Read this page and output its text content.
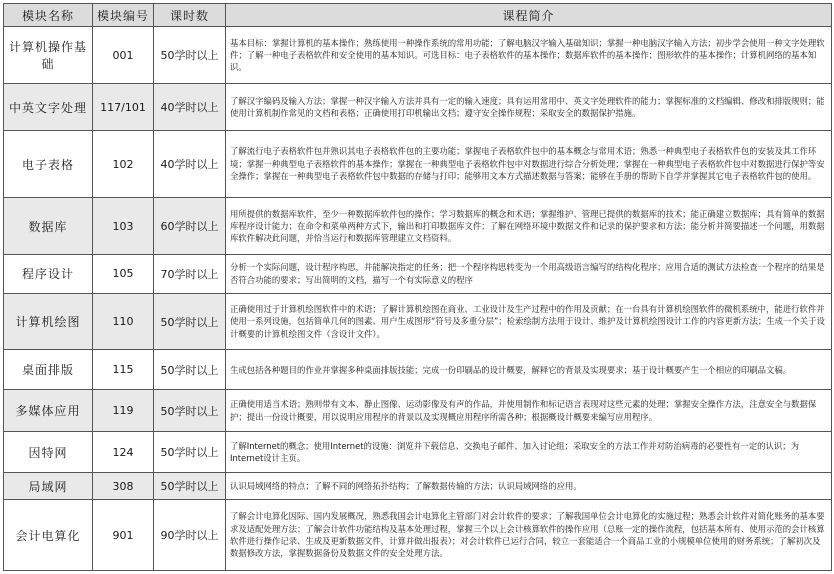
模块名称	模块编号	课时数	课程简介
计算机操作基础	001	50学时以上	基本目标：掌握计算机的基本操作；熟练使用一种操作系统的常用功能；了解电脑汉字输入基础知识；掌握一种电脑汉字输入方法；初步学会使用一种文字处理软件；了解一种电子表格软件和安全使用的基本知识。可选目标：电子表格软件的基本操作；数据库软件的基本操作；图形软件的基本操作；计算机网络的基本知识。
中英文字处理	117/101	40学时以上	了解汉字编码及输入方法；掌握一种汉字输入方法并具有一定的输入速度；具有运用常用中、英文字处理软件的能力；掌握标准的文档编辑、修改和排版规则；能使用计算机制作常见的文档和表格；正确使用打印机输出文档；遵守安全操作规程；采取安全的数据保护措施。
电子表格	102	40学时以上	了解流行电子表格软件包并熟识其电子表格软件包的主要功能；掌握电子表格软件包中的基本概念与常用术语；熟悉一种典型电子表格软件包的安装及其工作环境；掌握一种典型电子表格软件的基本操作；掌握在一种典型电子表格软件包中对数据进行综合分析处理；掌握在一种典型电子表格软件包中对数据进行保护等安全操作；掌握在一种典型电子表格软件包中数据的存储与打印；能够用文本方式描述数据与答案；能够在手册的帮助下自学并掌握其它电子表格软件包的使用。
数据库	103	60学时以上	用所提供的数据库软件，至少一种数据库软件包的操作；学习数据库的概念和术语；掌握维护、管理已提供的数据库的技术；能正确建立数据库；具有简单的数据库程序设计能力；在命令和菜单两种方式下，输出和打印数据库文件；了解在网络环境中数据文件和记录的保护要求和方法；能分析并简要描述一个问题，用数据库软件解决此问题，并恰当运行和数据库管理建立文档资料。
程序设计	105	70学时以上	分析一个实际问题，设计程序构思，并能解决指定的任务；把一个程序构思转变为一个用高级语言编写的结构化程序；应用合适的测试方法检查一个程序的结果是否符合功能的要求；写出简明的文档，描写一个有实际意义的程序
计算机绘图	110	50学时以上	正确使用过于计算机绘图软件中的术语；了解计算机绘图在商业、工业设计及生产过程中的作用及贡献；在一台具有计算机绘图软件的微机系统中，能进行软件并使用一系列设施，包括简单几何的图素、用户生成图形“符号及多重分层”；检索绘制方法用于设计、维护及计算机绘图设计工作的内容更新方法；生成一个关于设计概要的计算机绘图文件（含设计文件）。
桌面排版	115	50学时以上	生成包括各种题目的作业并掌握多种桌面排版技能；完成一份印刷品的设计概要，解释它的背景及实现要求；基于设计概要产生一个相应的印刷品文稿。
多媒体应用	119	50学时以上	正确使用适当术语；熟则带有文本、静止图像、运动影像及有声的作品，并使用制作和标记语言表现对这些元素的处理；掌握安全操作方法，注意安全与数据保护；提出一份设计概要，用以说明应用程序的背景以及实现概应用程序所需各种；根据概设计概要来编写应用程序。
因特网	124	50学时以上	了解Internet的概念；使用Internet的设施：浏览并下载信息、交换电子邮件、加入讨论组；采取安全的方法工作并对防治病毒的必要性有一定的认识；为Internet设计主页。
局域网	308	50学时以上	认识局域网络的特点；了解不同的网络拓扑结构；了解数据传输的方法；认识局域网络的应用。
会计电算化	901	90学时以上	了解会计电算化因际、国内发展概况，熟悉我国会计电算化主管部门对会计软件的要求；了解我国单位会计电算化的实施过程；熟悉会计软件对简化账务的基本要求及适配处理方法；了解会计软件功能结构及基本处理过程，掌握三个以上会计核算软件的操作应用（总账一定的操作流程，包括基本所有、使用示范的会计核算软件进行操作记录、生成及更新数据文件，计算并做出报表）；对会计软件已运行合同，较立一套能适合一个商品工业的小规模单位使用的财务系统；了解初次及数据修改方法，掌握数据备份及数据文件的安全处理方法。
